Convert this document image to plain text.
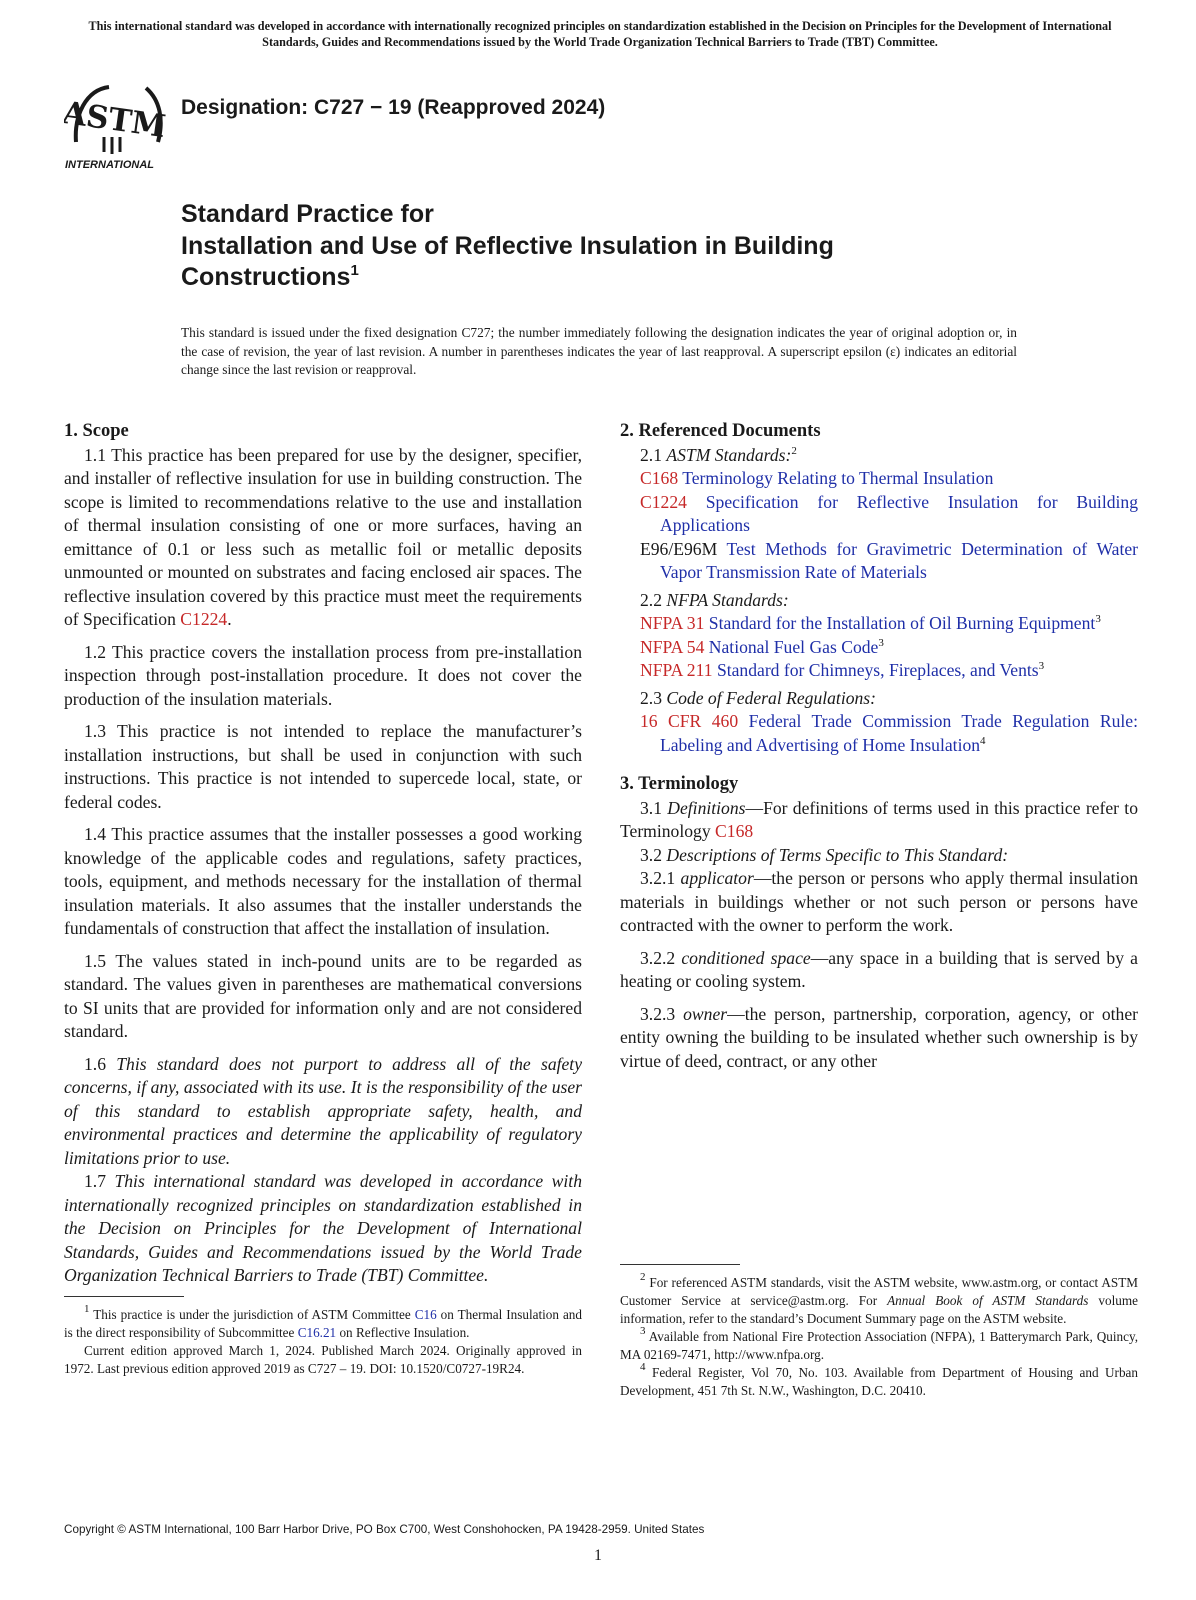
This international standard was developed in accordance with internationally recognized principles on standardization established in the Decision on Principles for the Development of International Standards, Guides and Recommendations issued by the World Trade Organization Technical Barriers to Trade (TBT) Committee.
ASTM
INTERNATIONAL
Designation: C727 − 19 (Reapproved 2024)
Standard Practice for
Installation and Use of Reflective Insulation in Building
Constructions$^1$
This standard is issued under the fixed designation C727; the number immediately following the designation indicates the year of original adoption or, in the case of revision, the year of last revision. A number in parentheses indicates the year of last reapproval. A superscript epsilon (ε) indicates an editorial change since the last revision or reapproval.

1. Scope

1.1 This practice has been prepared for use by the designer, specifier, and installer of reflective insulation for use in building construction. The scope is limited to recommendations relative to the use and installation of thermal insulation consisting of one or more surfaces, having an emittance of 0.1 or less such as metallic foil or metallic deposits unmounted or mounted on substrates and facing enclosed air spaces. The reflective insulation covered by this practice must meet the requirements of Specification C1224.

1.2 This practice covers the installation process from pre-installation inspection through post-installation procedure. It does not cover the production of the insulation materials.

1.3 This practice is not intended to replace the manufacturer’s installation instructions, but shall be used in conjunction with such instructions. This practice is not intended to supercede local, state, or federal codes.

1.4 This practice assumes that the installer possesses a good working knowledge of the applicable codes and regulations, safety practices, tools, equipment, and methods necessary for the installation of thermal insulation materials. It also assumes that the installer understands the fundamentals of construction that affect the installation of insulation.

1.5 The values stated in inch-pound units are to be regarded as standard. The values given in parentheses are mathematical conversions to SI units that are provided for information only and are not considered standard.

1.6 This standard does not purport to address all of the safety concerns, if any, associated with its use. It is the responsibility of the user of this standard to establish appropriate safety, health, and environmental practices and determine the applicability of regulatory limitations prior to use.

1.7 This international standard was developed in accordance with internationally recognized principles on standardization established in the Decision on Principles for the Development of International Standards, Guides and Recommendations issued by the World Trade Organization Technical Barriers to Trade (TBT) Committee.

2. Referenced Documents

2.1 ASTM Standards:$^2$

C168 Terminology Relating to Thermal Insulation

C1224 Specification for Reflective Insulation for Building Applications

E96/E96M Test Methods for Gravimetric Determination of Water Vapor Transmission Rate of Materials

2.2 NFPA Standards:

NFPA 31 Standard for the Installation of Oil Burning Equipment$^3$

NFPA 54 National Fuel Gas Code$^3$

NFPA 211 Standard for Chimneys, Fireplaces, and Vents$^3$

2.3 Code of Federal Regulations:

16 CFR 460 Federal Trade Commission Trade Regulation Rule: Labeling and Advertising of Home Insulation$^4$

3. Terminology

3.1 Definitions—For definitions of terms used in this practice refer to Terminology C168

3.2 Descriptions of Terms Specific to This Standard:

3.2.1 applicator—the person or persons who apply thermal insulation materials in buildings whether or not such person or persons have contracted with the owner to perform the work.

3.2.2 conditioned space—any space in a building that is served by a heating or cooling system.

3.2.3 owner—the person, partnership, corporation, agency, or other entity owning the building to be insulated whether such ownership is by virtue of deed, contract, or any other

$^1$ This practice is under the jurisdiction of ASTM Committee C16 on Thermal Insulation and is the direct responsibility of Subcommittee C16.21 on Reflective Insulation.

Current edition approved March 1, 2024. Published March 2024. Originally approved in 1972. Last previous edition approved 2019 as C727 – 19. DOI: 10.1520/C0727-19R24.

$^2$ For referenced ASTM standards, visit the ASTM website, www.astm.org, or contact ASTM Customer Service at service@astm.org. For Annual Book of ASTM Standards volume information, refer to the standard’s Document Summary page on the ASTM website.

$^3$ Available from National Fire Protection Association (NFPA), 1 Batterymarch Park, Quincy, MA 02169-7471, http://www.nfpa.org.

$^4$ Federal Register, Vol 70, No. 103. Available from Department of Housing and Urban Development, 451 7th St. N.W., Washington, D.C. 20410.

Copyright © ASTM International, 100 Barr Harbor Drive, PO Box C700, West Conshohocken, PA 19428-2959. United States
1
